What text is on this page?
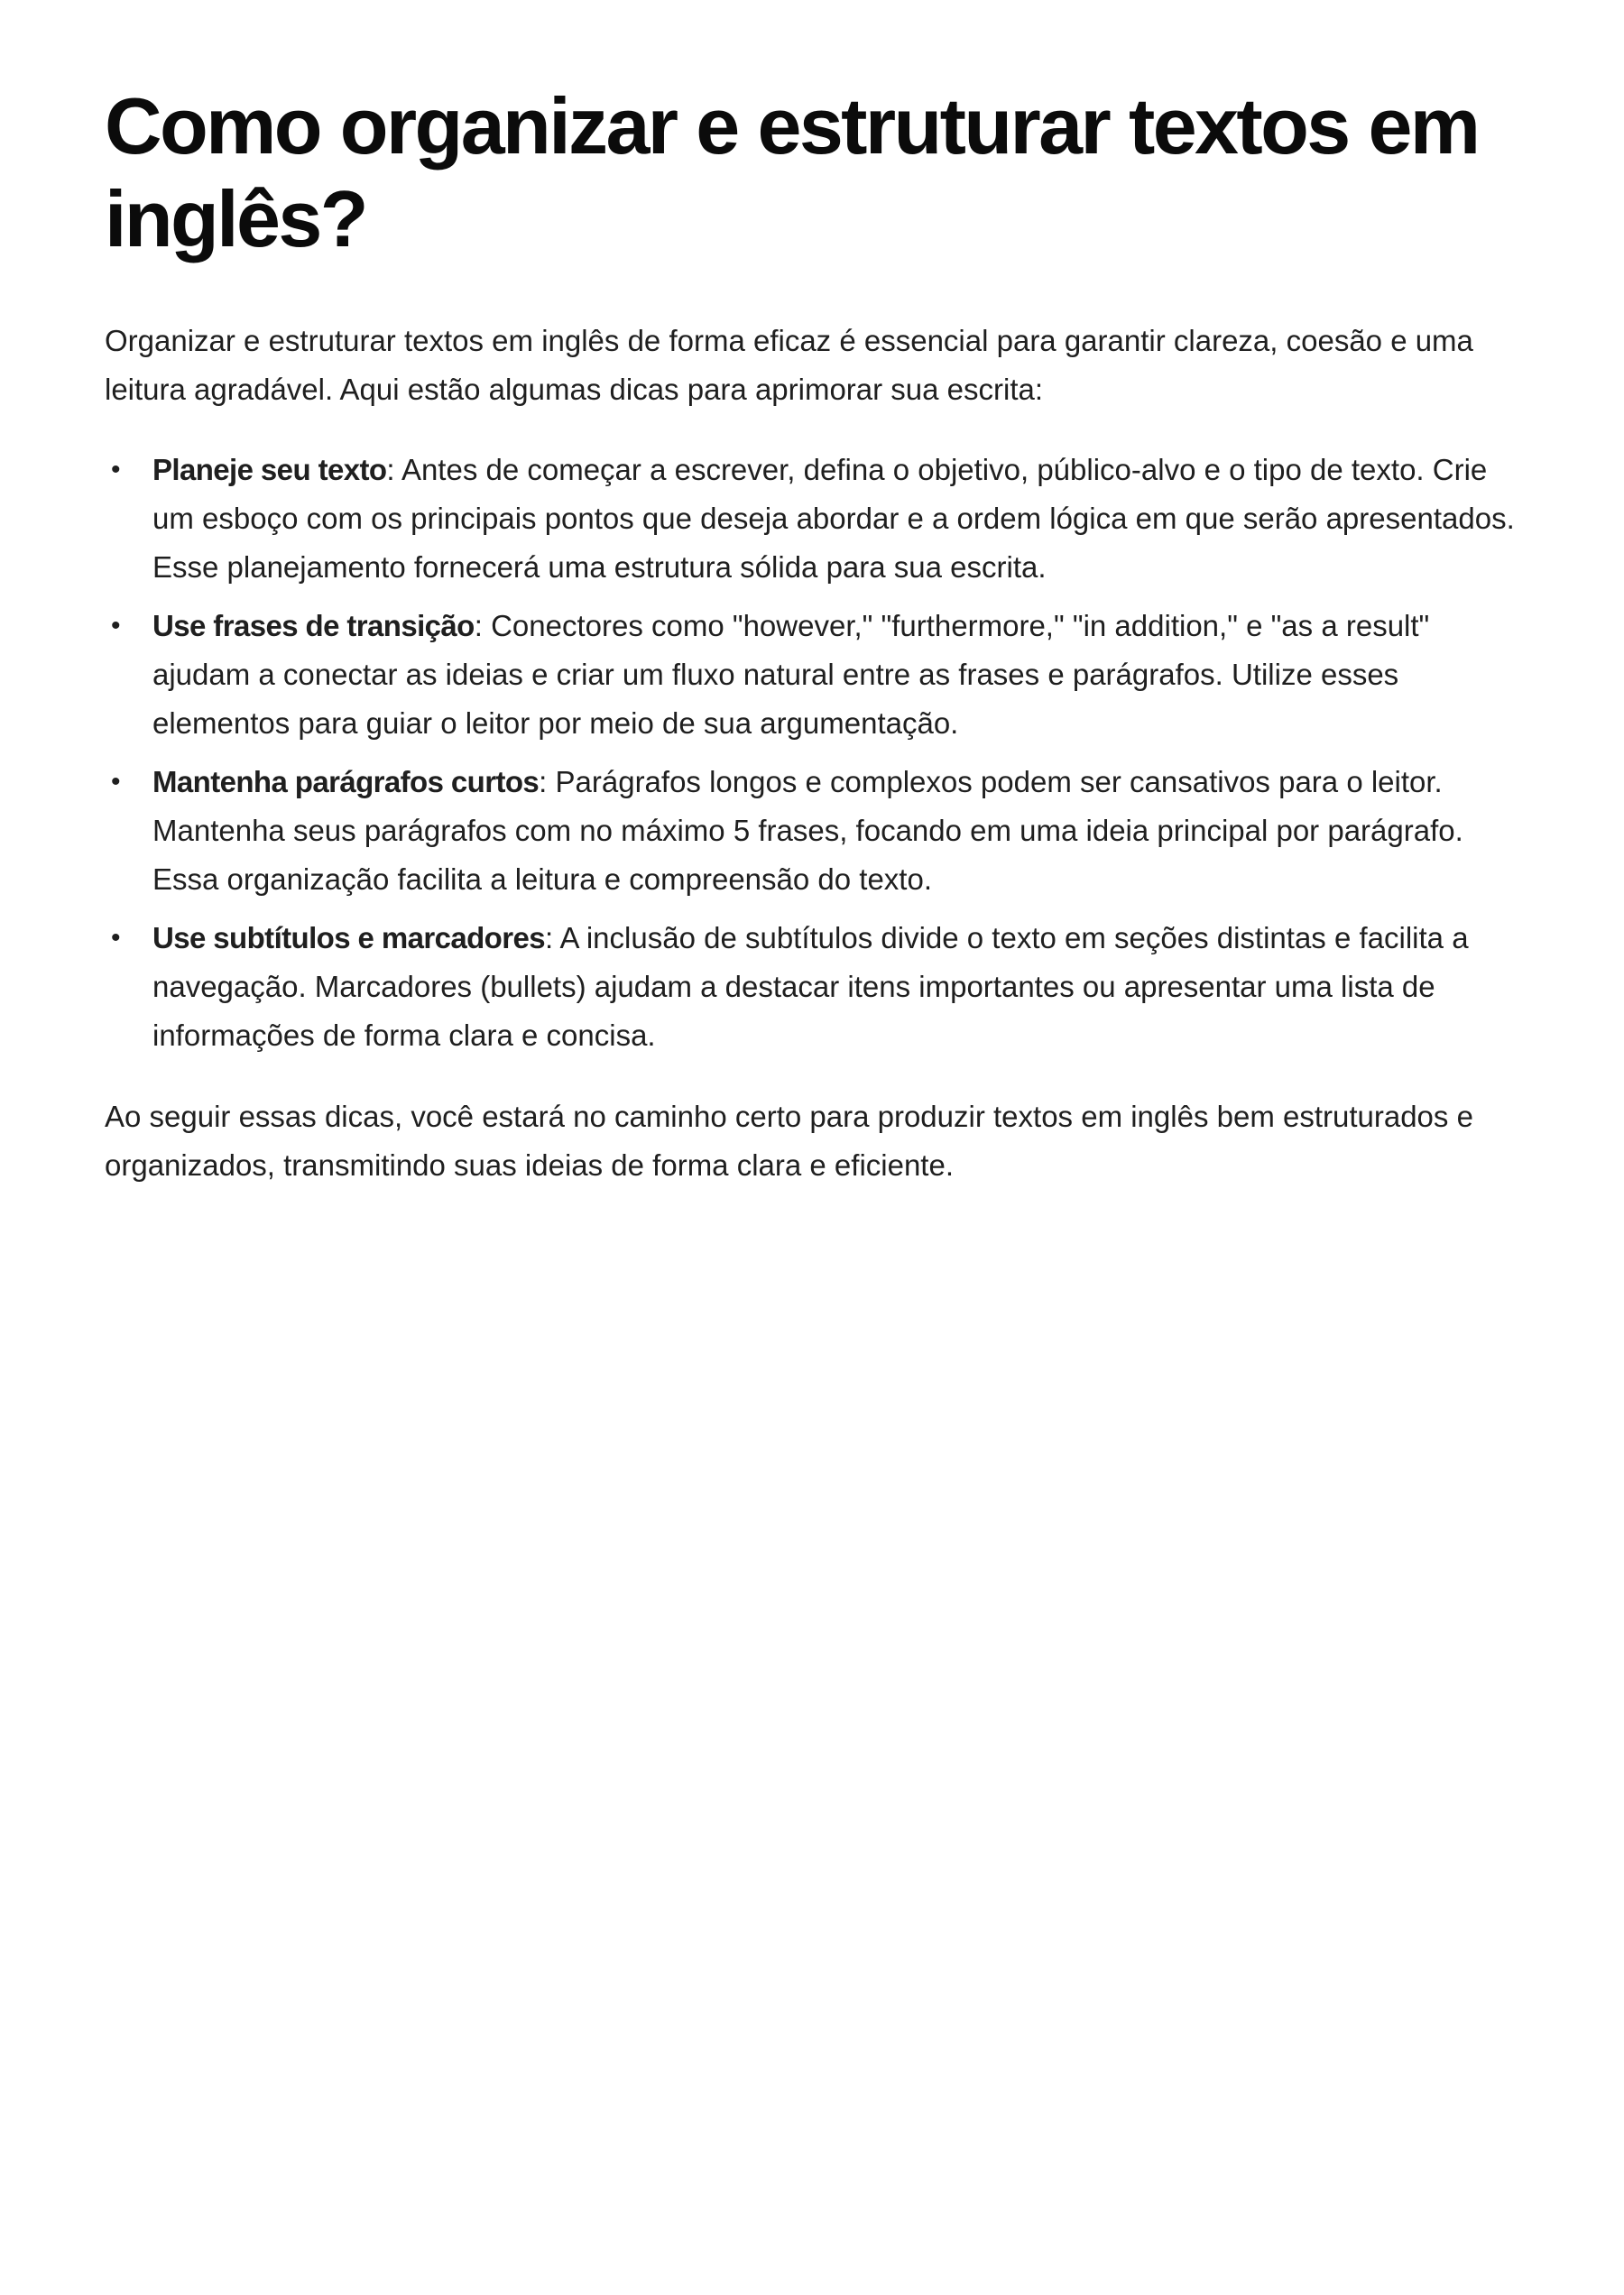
Como organizar e estruturar textos em inglês?

Organizar e estruturar textos em inglês de forma eficaz é essencial para garantir clareza, coesão e uma leitura agradável. Aqui estão algumas dicas para aprimorar sua escrita:

• Planeje seu texto: Antes de começar a escrever, defina o objetivo, público-alvo e o tipo de texto. Crie um esboço com os principais pontos que deseja abordar e a ordem lógica em que serão apresentados. Esse planejamento fornecerá uma estrutura sólida para sua escrita.
• Use frases de transição: Conectores como "however," "furthermore," "in addition," e "as a result" ajudam a conectar as ideias e criar um fluxo natural entre as frases e parágrafos. Utilize esses elementos para guiar o leitor por meio de sua argumentação.
• Mantenha parágrafos curtos: Parágrafos longos e complexos podem ser cansativos para o leitor. Mantenha seus parágrafos com no máximo 5 frases, focando em uma ideia principal por parágrafo. Essa organização facilita a leitura e compreensão do texto.
• Use subtítulos e marcadores: A inclusão de subtítulos divide o texto em seções distintas e facilita a navegação. Marcadores (bullets) ajudam a destacar itens importantes ou apresentar uma lista de informações de forma clara e concisa.

Ao seguir essas dicas, você estará no caminho certo para produzir textos em inglês bem estruturados e organizados, transmitindo suas ideias de forma clara e eficiente.
